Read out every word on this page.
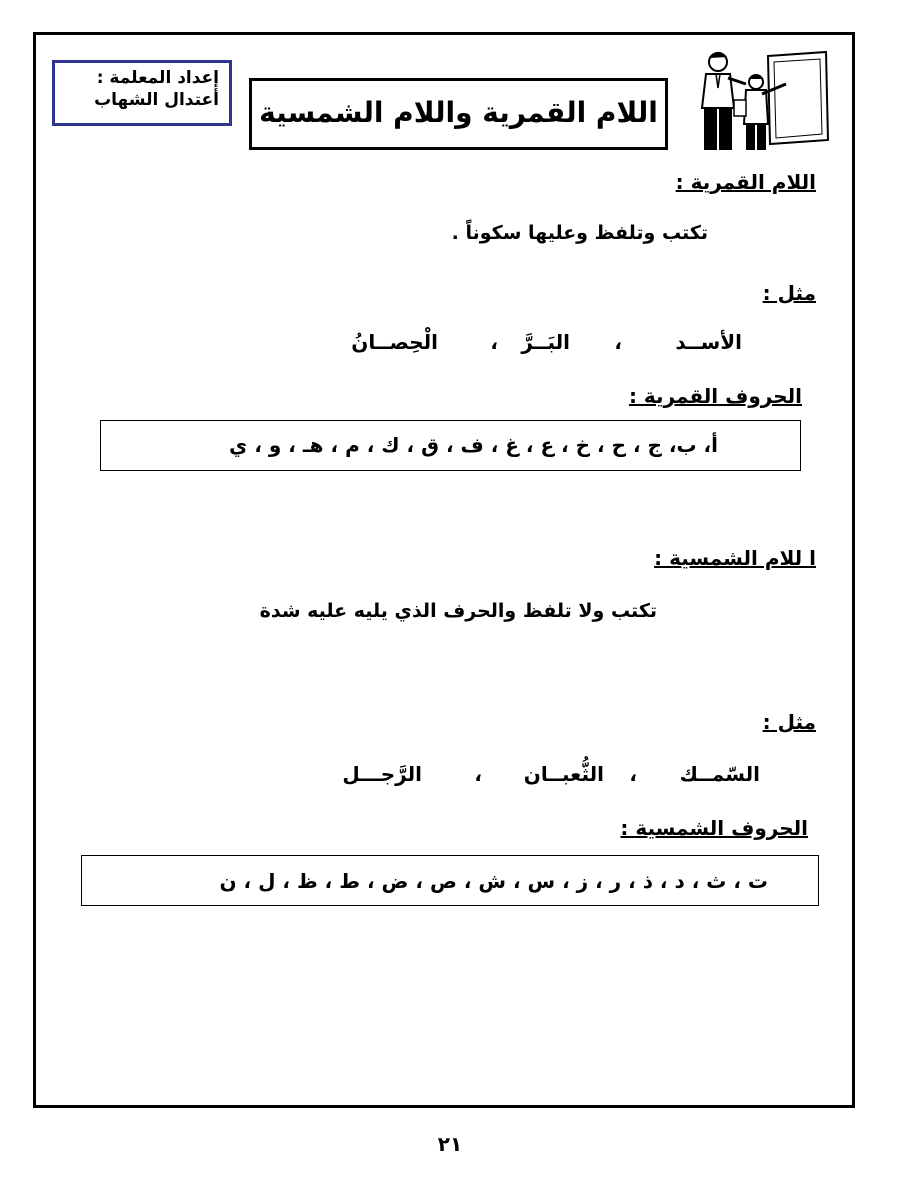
إعداد المعلمة :
أعتدال الشهاب	اللام القمرية واللام الشمسية
اللام القمرية :
تكتب وتلفظ وعليها سكوناً .
مثل :
الأســد
،
البَــرَّ
،
الْحِصــانُ
الحروف القمرية :
أ، ب، ج ، ح ، خ ، ع ، غ ، ف ، ق ، ك ، م ، هـ ، و ، ي
ا للام الشمسية :
تكتب ولا تلفظ والحرف الذي يليه عليه شدة
مثل :
السّمــك
،
الثُّعبــان
،
الرَّجـــل
الحروف الشمسية :
ت ، ث ، د ، ذ ، ر ، ز ، س ، ش ، ص ، ض ، ط ، ظ ، ل ، ن
٢١
